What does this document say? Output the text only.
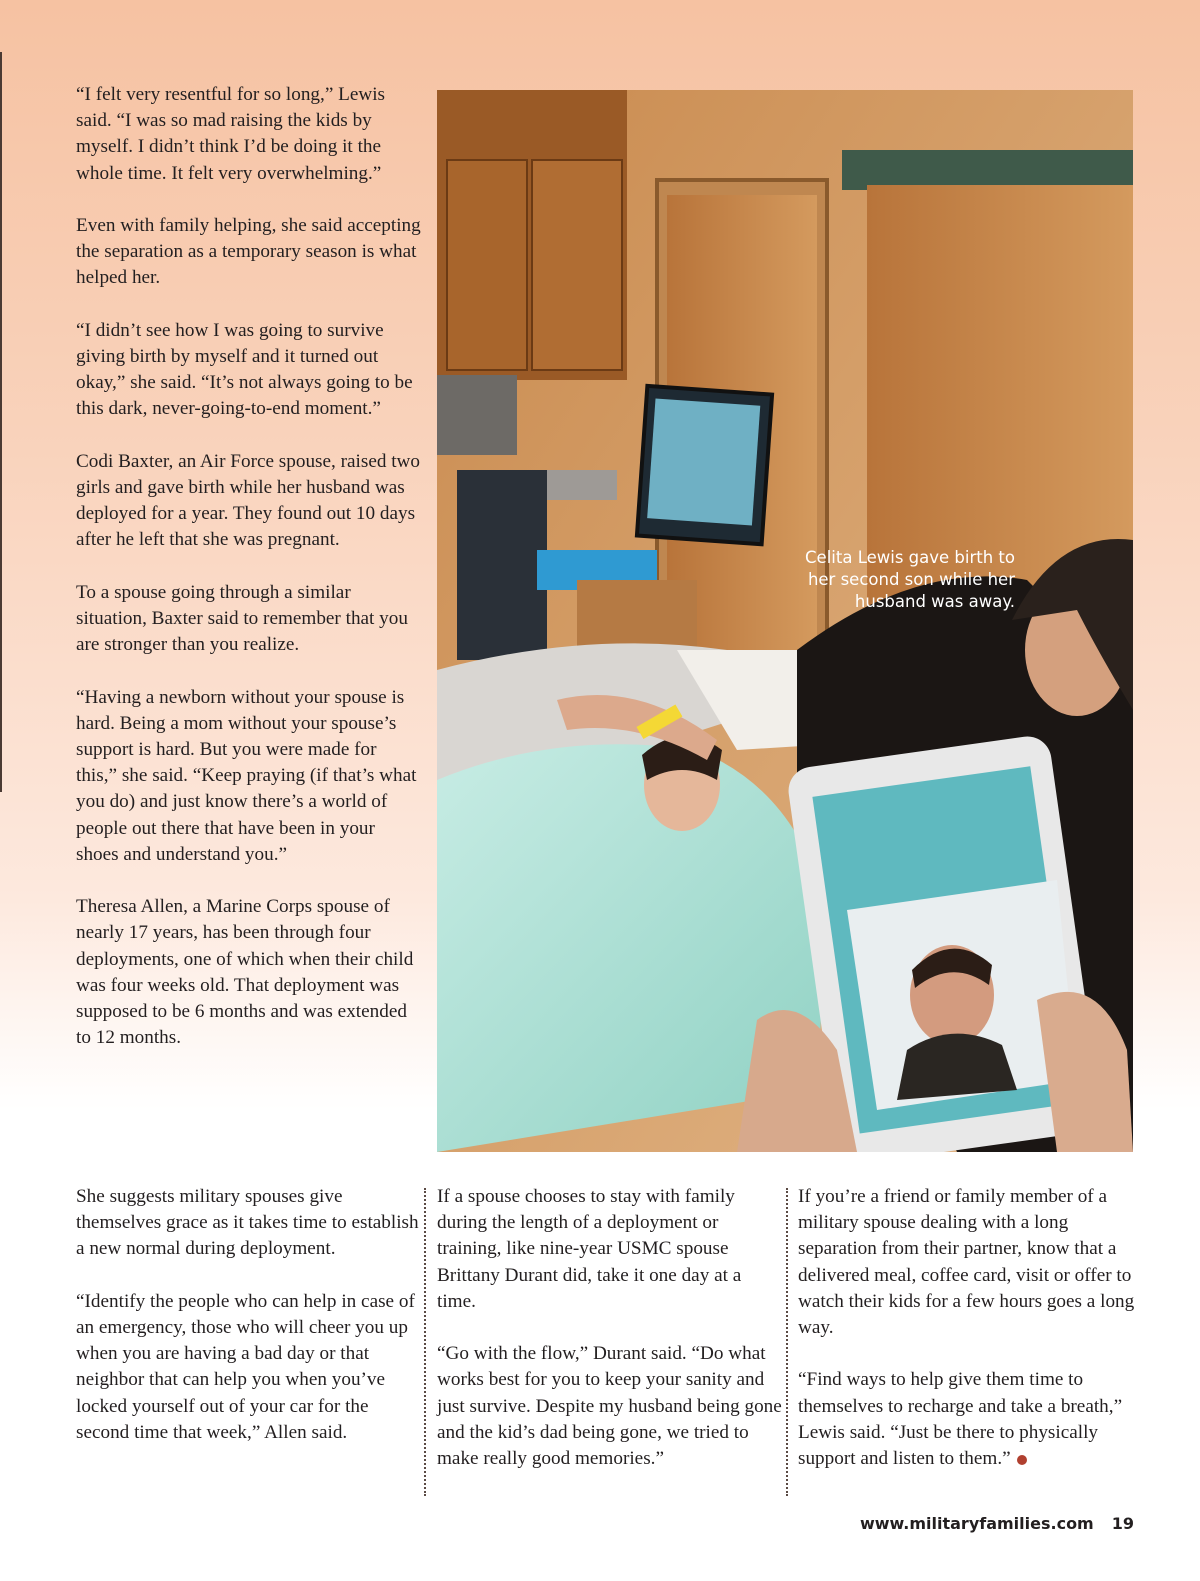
“I felt very resentful for so long,” Lewis said. “I was so mad raising the kids by myself. I didn’t think I’d be doing it the whole time. It felt very overwhelming.”

Even with family helping, she said accepting the separation as a temporary season is what helped her.

“I didn’t see how I was going to survive giving birth by myself and it turned out okay,” she said. “It’s not always going to be this dark, never-going-to-end moment.”

Codi Baxter, an Air Force spouse, raised two girls and gave birth while her husband was deployed for a year. They found out 10 days after he left that she was pregnant.

To a spouse going through a similar situation, Baxter said to remember that you are stronger than you realize.

“Having a newborn without your spouse is hard. Being a mom without your spouse’s support is hard. But you were made for this,” she said. “Keep praying (if that’s what you do) and just know there’s a world of people out there that have been in your shoes and understand you.”

Theresa Allen, a Marine Corps spouse of nearly 17 years, has been through four deployments, one of which when their child was four weeks old. That deployment was supposed to be 6 months and was extended to 12 months.

Celita Lewis gave birth to her second son while her husband was away.

She suggests military spouses give themselves grace as it takes time to establish a new normal during deployment.

“Identify the people who can help in case of an emergency, those who will cheer you up when you are having a bad day or that neighbor that can help you when you’ve locked yourself out of your car for the second time that week,” Allen said.

If a spouse chooses to stay with family during the length of a deployment or training, like nine-year USMC spouse Brittany Durant did, take it one day at a time.

“Go with the flow,” Durant said. “Do what works best for you to keep your sanity and just survive. Despite my husband being gone and the kid’s dad being gone, we tried to make really good memories.”

If you’re a friend or family member of a military spouse dealing with a long separation from their partner, know that a delivered meal, coffee card, visit or offer to watch their kids for a few hours goes a long way.

“Find ways to help give them time to themselves to recharge and take a breath,” Lewis said. “Just be there to physically support and listen to them.”

www.militaryfamilies.com 19
